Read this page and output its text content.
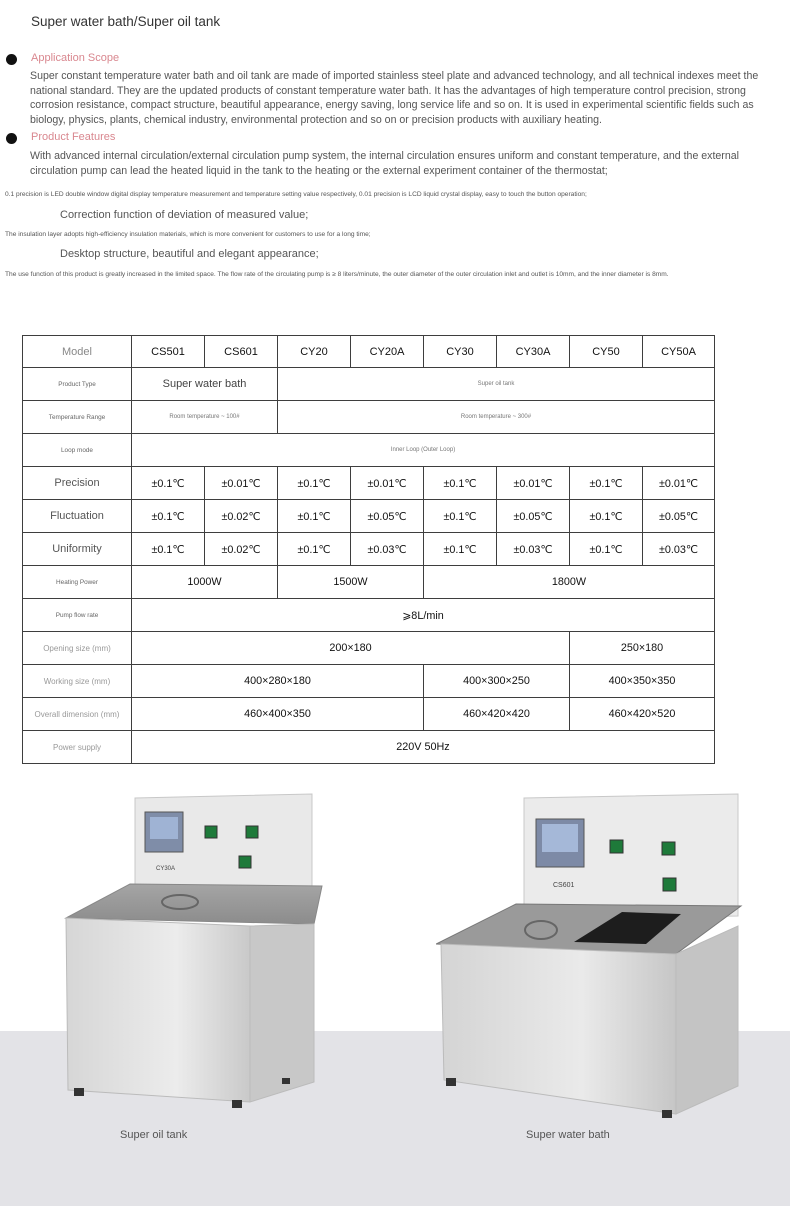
Super water bath/Super oil tank
Application Scope
Super constant temperature water bath and oil tank are made of imported stainless steel plate and advanced technology, and all technical indexes meet the national standard. They are the updated products of constant temperature water bath. It has the advantages of high temperature control precision, strong corrosion resistance, compact structure, beautiful appearance, energy saving, long service life and so on. It is used in experimental scientific fields such as biology, physics, plants, chemical industry, environmental protection and so on or precision products with auxiliary heating.
Product Features
With advanced internal circulation/external circulation pump system, the internal circulation ensures uniform and constant temperature, and the external circulation pump can lead the heated liquid in the tank to the heating or the external experiment container of the thermostat;
0.1 precision is LED double window digital display temperature measurement and temperature setting value respectively, 0.01 precision is LCD liquid crystal display, easy to touch the button operation;
Correction function of deviation of measured value;
The insulation layer adopts high-efficiency insulation materials, which is more convenient for customers to use for a long time;
Desktop structure, beautiful and elegant appearance;
The use function of this product is greatly increased in the limited space. The flow rate of the circulating pump is ≥ 8 liters/minute, the outer diameter of the outer circulation inlet and outlet is 10mm, and the inner diameter is 8mm.
Model	CS501	CS601	CY20	CY20A	CY30	CY30A	CY50	CY50A
Product Type	Super water bath		Super oil tank					
Temperature Range	Room temperature ~ 100#		Room temperature ~ 300#					
Loop mode	Inner Loop (Outer Loop)							
Precision	±0.1℃	±0.01℃	±0.1℃	±0.01℃	±0.1℃	±0.01℃	±0.1℃	±0.01℃
Fluctuation	±0.1℃	±0.02℃	±0.1℃	±0.05℃	±0.1℃	±0.05℃	±0.1℃	±0.05℃
Uniformity	±0.1℃	±0.02℃	±0.1℃	±0.03℃	±0.1℃	±0.03℃	±0.1℃	±0.03℃
Heating Power	1000W		1500W		1800W			
Pump flow rate	⩾8L/min							
Opening size (mm)	200×180						250×180	
Working size (mm)	400×280×180				400×300×250		400×350×350	
Overall dimension (mm)	460×400×350				460×420×420		460×420×520	
Power supply	220V 50Hz							
CY30A
CS601
Super oil tank	Super water bath
